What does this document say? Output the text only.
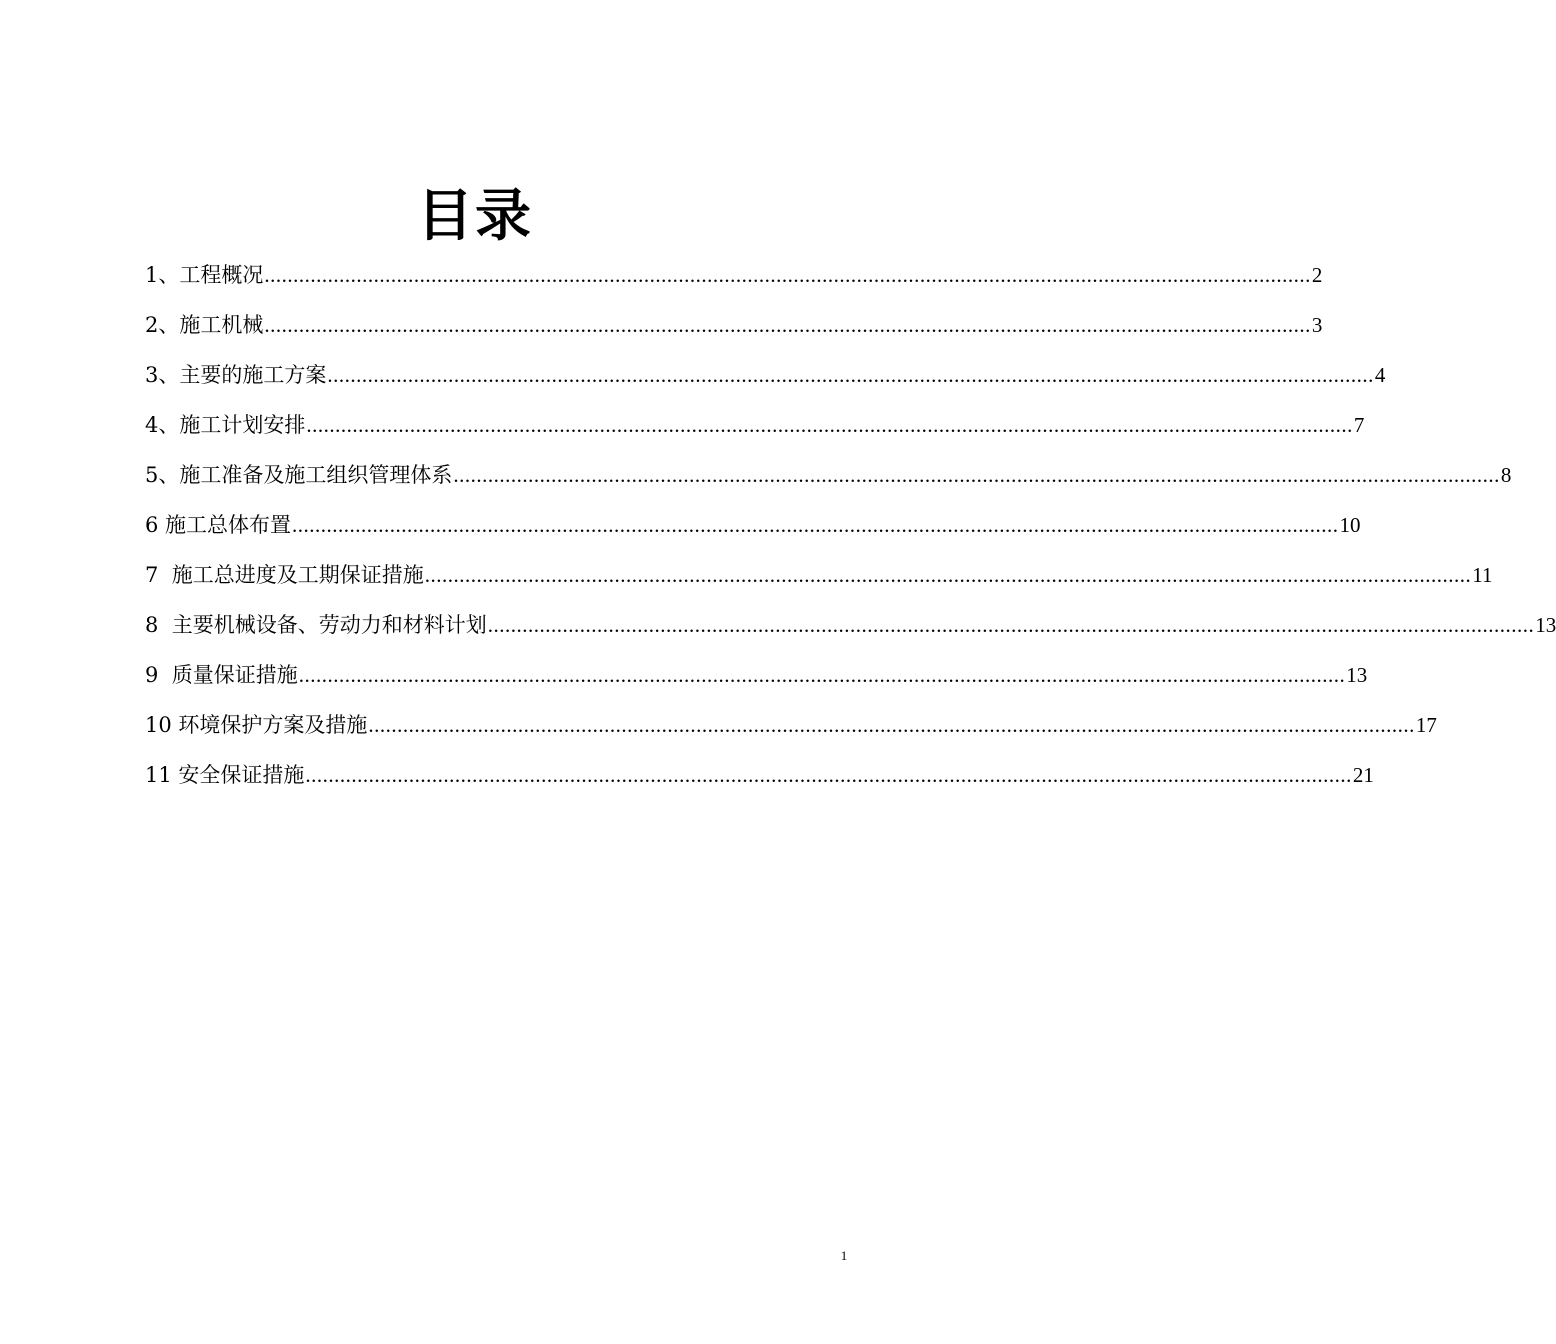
目录
1、工程概况 ...................................................................................................................................................................................... 2
2、施工机械 ...................................................................................................................................................................................... 3
3、主要的施工方案 ...................................................................................................................................................................................... 4
4、施工计划安排 ...................................................................................................................................................................................... 7
5、施工准备及施工组织管理体系 ...................................................................................................................................................................................... 8
6 施工总体布置 ...................................................................................................................................................................................... 10
7  施工总进度及工期保证措施 ...................................................................................................................................................................................... 11
8  主要机械设备、劳动力和材料计划 ...................................................................................................................................................................................... 13
9  质量保证措施 ...................................................................................................................................................................................... 13
10 环境保护方案及措施 ...................................................................................................................................................................................... 17
11 安全保证措施 ...................................................................................................................................................................................... 21
1
